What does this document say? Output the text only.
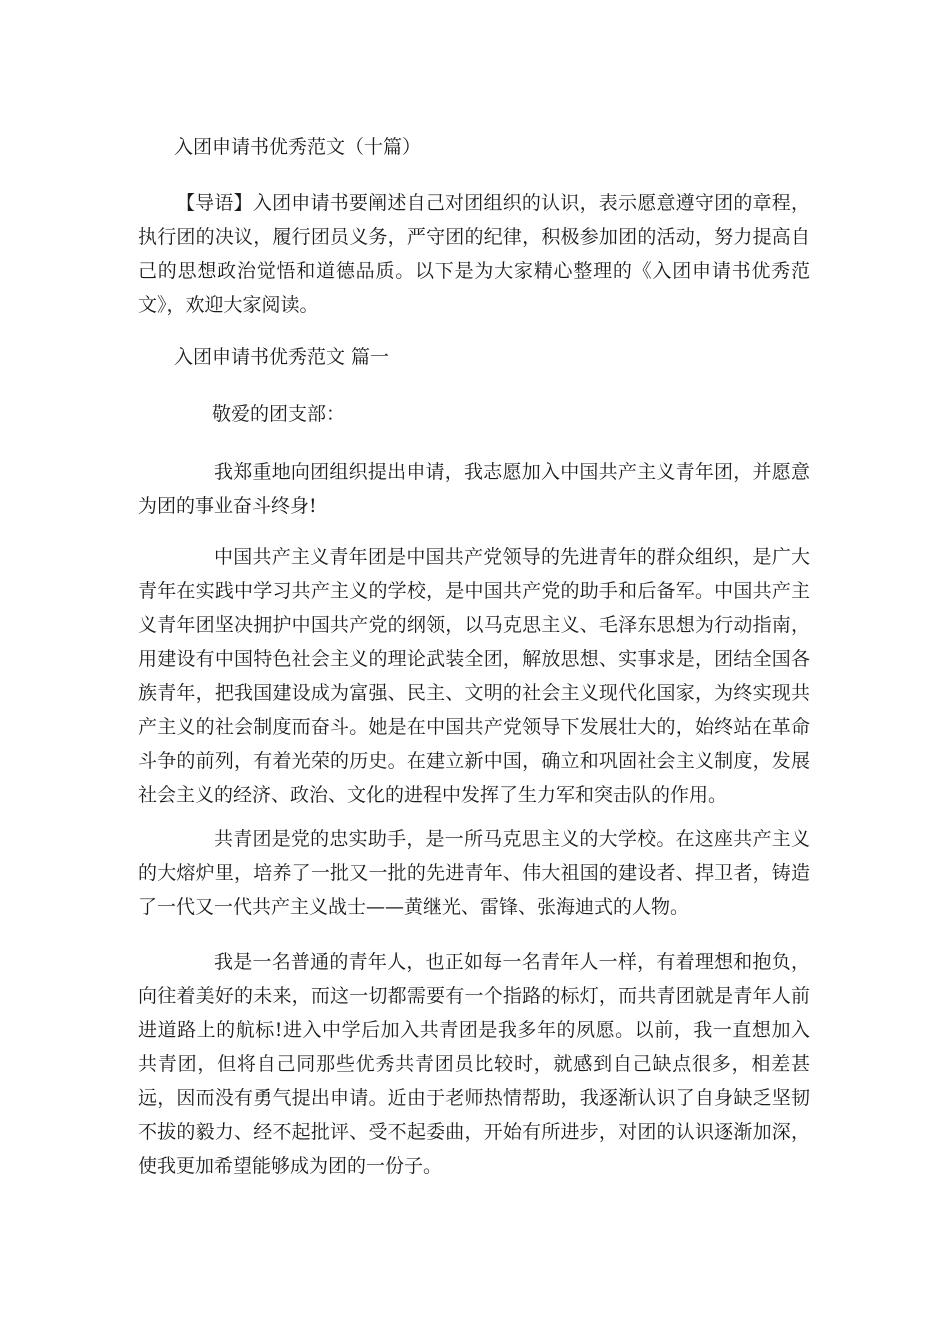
入团申请书优秀范文（十篇）
【导语】入团申请书要阐述自己对团组织的认识，表示愿意遵守团的章程，执行团的决议，履行团员义务，严守团的纪律，积极参加团的活动，努力提高自己的思想政治觉悟和道德品质。以下是为大家精心整理的《入团申请书优秀范文》，欢迎大家阅读。
入团申请书优秀范文 篇一
敬爱的团支部：
我郑重地向团组织提出申请，我志愿加入中国共产主义青年团，并愿意为团的事业奋斗终身!
中国共产主义青年团是中国共产党领导的先进青年的群众组织，是广大青年在实践中学习共产主义的学校，是中国共产党的助手和后备军。中国共产主义青年团坚决拥护中国共产党的纲领，以马克思主义、毛泽东思想为行动指南，用建设有中国特色社会主义的理论武装全团，解放思想、实事求是，团结全国各族青年，把我国建设成为富强、民主、文明的社会主义现代化国家，为终实现共产主义的社会制度而奋斗。她是在中国共产党领导下发展壮大的，始终站在革命斗争的前列，有着光荣的历史。在建立新中国，确立和巩固社会主义制度，发展社会主义的经济、政治、文化的进程中发挥了生力军和突击队的作用。
共青团是党的忠实助手，是一所马克思主义的大学校。在这座共产主义的大熔炉里，培养了一批又一批的先进青年、伟大祖国的建设者、捍卫者，铸造了一代又一代共产主义战士——黄继光、雷锋、张海迪式的人物。
我是一名普通的青年人，也正如每一名青年人一样，有着理想和抱负，向往着美好的未来，而这一切都需要有一个指路的标灯，而共青团就是青年人前进道路上的航标!进入中学后加入共青团是我多年的夙愿。以前，我一直想加入共青团，但将自己同那些优秀共青团员比较时，就感到自己缺点很多，相差甚远，因而没有勇气提出申请。近由于老师热情帮助，我逐渐认识了自身缺乏坚韧不拔的毅力、经不起批评、受不起委曲，开始有所进步，对团的认识逐渐加深，使我更加希望能够成为团的一份子。
